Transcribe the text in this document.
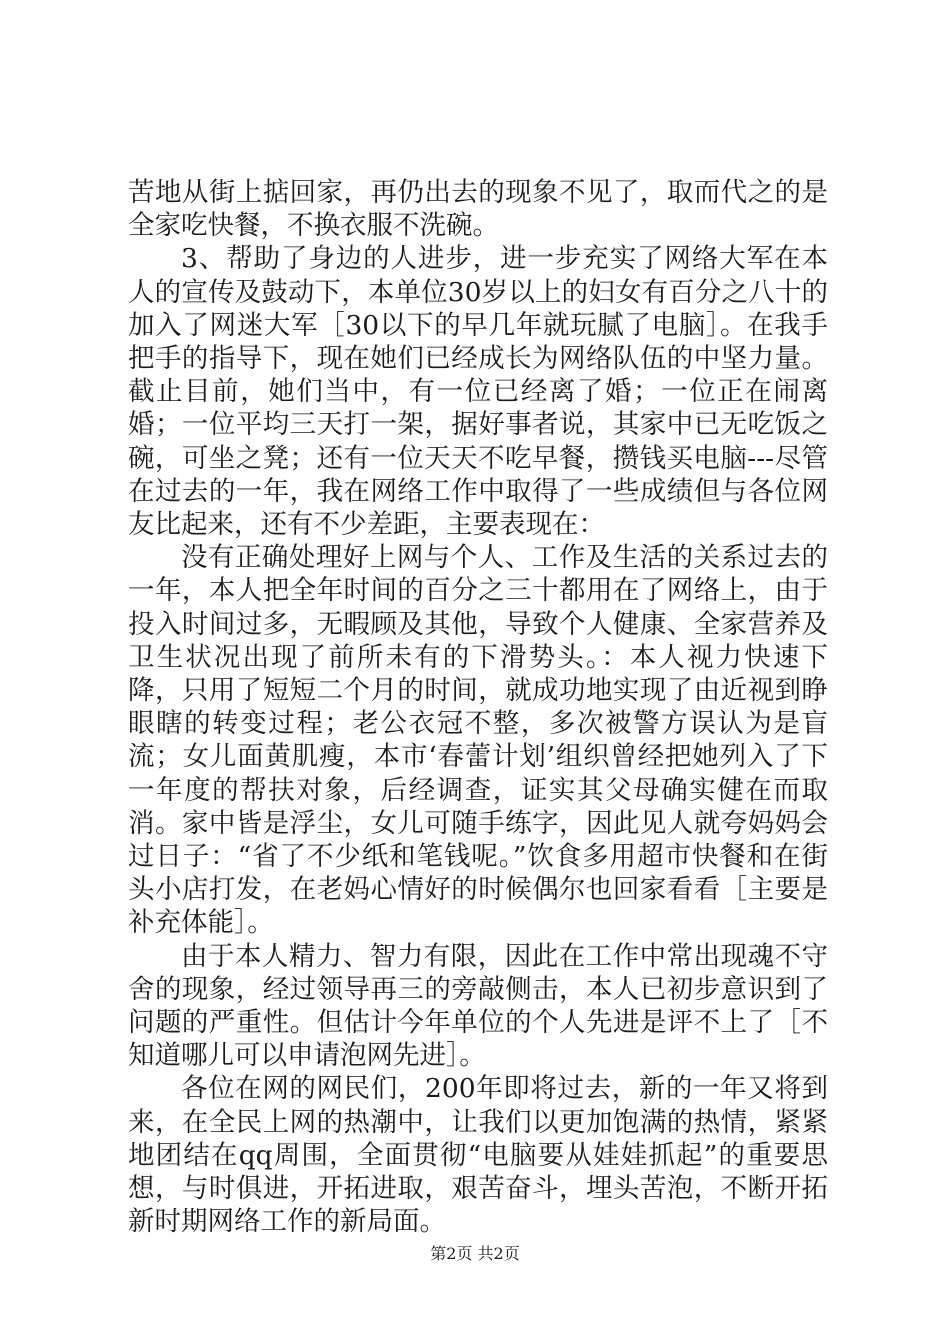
苦地从街上掂回家，再仍出去的现象不见了，取而代之的是全家吃快餐，不换衣服不洗碗。

3、帮助了身边的人进步，进一步充实了网络大军在本人的宣传及鼓动下，本单位30岁以上的妇女有百分之八十的加入了网迷大军［30以下的早几年就玩腻了电脑］。在我手把手的指导下，现在她们已经成长为网络队伍的中坚力量。截止目前，她们当中，有一位已经离了婚；一位正在闹离婚；一位平均三天打一架，据好事者说，其家中已无吃饭之碗，可坐之凳；还有一位天天不吃早餐，攒钱买电脑---尽管在过去的一年，我在网络工作中取得了一些成绩但与各位网友比起来，还有不少差距，主要表现在：

没有正确处理好上网与个人、工作及生活的关系过去的一年，本人把全年时间的百分之三十都用在了网络上，由于投入时间过多，无暇顾及其他，导致个人健康、全家营养及卫生状况出现了前所未有的下滑势头。：本人视力快速下降，只用了短短二个月的时间，就成功地实现了由近视到睁眼瞎的转变过程；老公衣冠不整，多次被警方误认为是盲流；女儿面黄肌瘦，本市‘春蕾计划’组织曾经把她列入了下一年度的帮扶对象，后经调查，证实其父母确实健在而取消。家中皆是浮尘，女儿可随手练字，因此见人就夸妈妈会过日子：“省了不少纸和笔钱呢。”饮食多用超市快餐和在街头小店打发，在老妈心情好的时候偶尔也回家看看［主要是补充体能］。

由于本人精力、智力有限，因此在工作中常出现魂不守舍的现象，经过领导再三的旁敲侧击，本人已初步意识到了问题的严重性。但估计今年单位的个人先进是评不上了［不知道哪儿可以申请泡网先进］。

各位在网的网民们，200年即将过去，新的一年又将到来，在全民上网的热潮中，让我们以更加饱满的热情，紧紧地团结在qq周围，全面贯彻“电脑要从娃娃抓起”的重要思想，与时俱进，开拓进取，艰苦奋斗，埋头苦泡，不断开拓新时期网络工作的新局面。

第2页 共2页
